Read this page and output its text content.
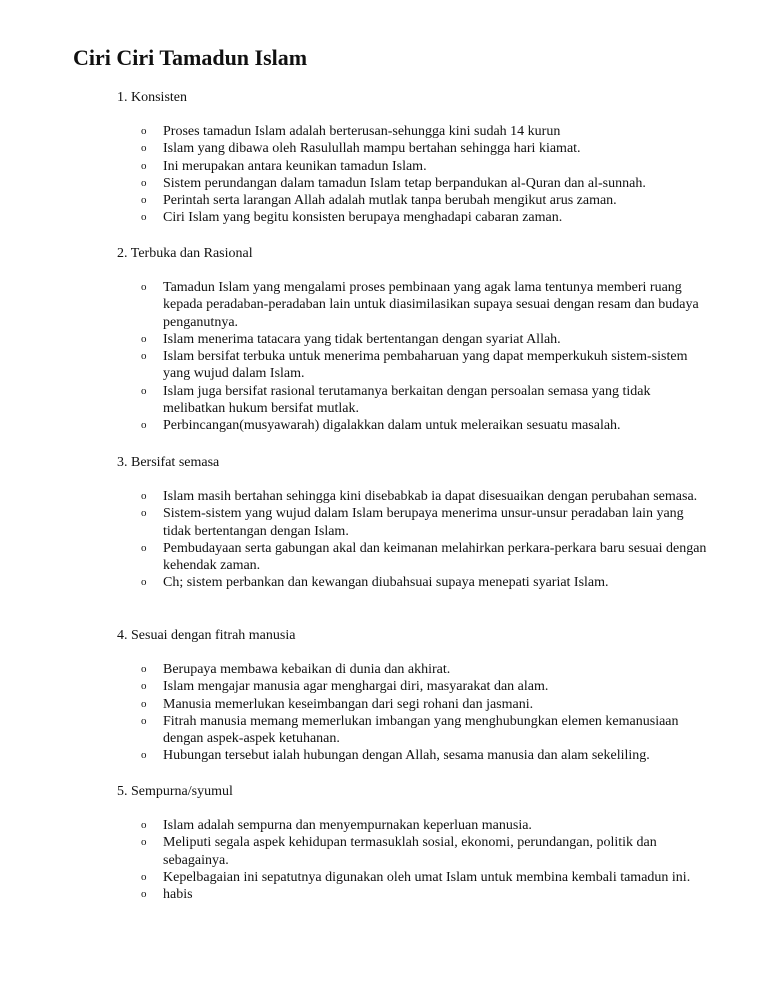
Ciri Ciri Tamadun Islam
1. Konsisten
o Proses tamadun Islam adalah berterusan-sehungga kini sudah 14 kurun
o Islam yang dibawa oleh Rasulullah mampu bertahan sehingga hari kiamat.
o Ini merupakan antara keunikan tamadun Islam.
o Sistem perundangan dalam tamadun Islam tetap berpandukan al-Quran dan al-sunnah.
o Perintah serta larangan Allah adalah mutlak tanpa berubah mengikut arus zaman.
o Ciri Islam yang begitu konsisten berupaya menghadapi cabaran zaman.
2. Terbuka dan Rasional
o Tamadun Islam yang mengalami proses pembinaan yang agak lama tentunya memberi ruang kepada peradaban-peradaban lain untuk diasimilasikan supaya sesuai dengan resam dan budaya penganutnya.
o Islam menerima tatacara yang tidak bertentangan dengan syariat Allah.
o Islam bersifat terbuka untuk menerima pembaharuan yang dapat memperkukuh sistem-sistem yang wujud dalam Islam.
o Islam juga bersifat rasional terutamanya berkaitan dengan persoalan semasa yang tidak melibatkan hukum bersifat mutlak.
o Perbincangan(musyawarah) digalakkan dalam untuk meleraikan sesuatu masalah.
3. Bersifat semasa
o Islam masih bertahan sehingga kini disebabkab ia dapat disesuaikan dengan perubahan semasa.
o Sistem-sistem yang wujud dalam Islam berupaya menerima unsur-unsur peradaban lain yang tidak bertentangan dengan Islam.
o Pembudayaan serta gabungan akal dan keimanan melahirkan perkara-perkara baru sesuai dengan kehendak zaman.
o Ch; sistem perbankan dan kewangan diubahsuai supaya menepati syariat Islam.
4. Sesuai dengan fitrah manusia
o Berupaya membawa kebaikan di dunia dan akhirat.
o Islam mengajar manusia agar menghargai diri, masyarakat dan alam.
o Manusia memerlukan keseimbangan dari segi rohani dan jasmani.
o Fitrah manusia memang memerlukan imbangan yang menghubungkan elemen kemanusiaan dengan aspek-aspek ketuhanan.
o Hubungan tersebut ialah hubungan dengan Allah, sesama manusia dan alam sekeliling.
5. Sempurna/syumul
o Islam adalah sempurna dan menyempurnakan keperluan manusia.
o Meliputi segala aspek kehidupan termasuklah sosial, ekonomi, perundangan, politik dan sebagainya.
o Kepelbagaian ini sepatutnya digunakan oleh umat Islam untuk membina kembali tamadun ini.
o habis
